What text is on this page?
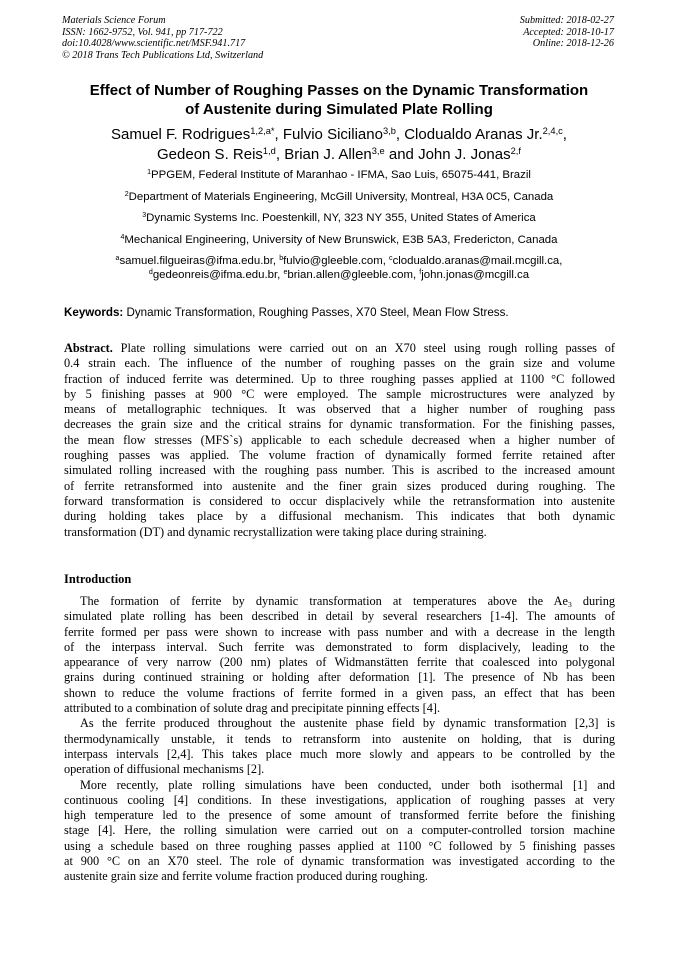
Materials Science Forum
ISSN: 1662-9752, Vol. 941, pp 717-722
doi:10.4028/www.scientific.net/MSF.941.717
© 2018 Trans Tech Publications Ltd, Switzerland
Submitted: 2018-02-27
Accepted: 2018-10-17
Online: 2018-12-26
Effect of Number of Roughing Passes on the Dynamic Transformation
of Austenite during Simulated Plate Rolling
Samuel F. Rodrigues$^{1,2,a*}$, Fulvio Siciliano$^{3,b}$, Clodualdo Aranas Jr.$^{2,4,c}$,
Gedeon S. Reis$^{1,d}$, Brian J. Allen$^{3,e}$ and John J. Jonas$^{2,f}$
$^1$PPGEM, Federal Institute of Maranhao - IFMA, Sao Luis, 65075-441, Brazil
$^2$Department of Materials Engineering, McGill University, Montreal, H3A 0C5, Canada
$^3$Dynamic Systems Inc. Poestenkill, NY, 323 NY 355, United States of America
$^4$Mechanical Engineering, University of New Brunswick, E3B 5A3, Fredericton, Canada
$^a$samuel.filgueiras@ifma.edu.br, $^b$fulvio@gleeble.com, $^c$clodualdo.aranas@mail.mcgill.ca,
$^d$gedeonreis@ifma.edu.br, $^e$brian.allen@gleeble.com, $^f$john.jonas@mcgill.ca
Keywords: Dynamic Transformation, Roughing Passes, X70 Steel, Mean Flow Stress.
Abstract. Plate rolling simulations were carried out on an X70 steel using rough rolling passes of
0.4 strain each. The influence of the number of roughing passes on the grain size and volume
fraction of induced ferrite was determined. Up to three roughing passes applied at 1100 °C followed
by 5 finishing passes at 900 °C were employed. The sample microstructures were analyzed by
means of metallographic techniques. It was observed that a higher number of roughing pass
decreases the grain size and the critical strains for dynamic transformation. For the finishing passes,
the mean flow stresses (MFS`s) applicable to each schedule decreased when a higher number of
roughing passes was applied. The volume fraction of dynamically formed ferrite retained after
simulated rolling increased with the roughing pass number. This is ascribed to the increased amount
of ferrite retransformed into austenite and the finer grain sizes produced during roughing. The
forward transformation is considered to occur displacively while the retransformation into austenite
during holding takes place by a diffusional mechanism. This indicates that both dynamic
transformation (DT) and dynamic recrystallization were taking place during straining.
Introduction
The formation of ferrite by dynamic transformation at temperatures above the $Ae_3$ during
simulated plate rolling has been described in detail by several researchers [1-4]. The amounts of
ferrite formed per pass were shown to increase with pass number and with a decrease in the length
of the interpass interval. Such ferrite was demonstrated to form displacively, leading to the
appearance of very narrow (200 nm) plates of Widmanstätten ferrite that coalesced into polygonal
grains during continued straining or holding after deformation [1]. The presence of Nb has been
shown to reduce the volume fractions of ferrite formed in a given pass, an effect that has been
attributed to a combination of solute drag and precipitate pinning effects [4].
As the ferrite produced throughout the austenite phase field by dynamic transformation [2,3] is
thermodynamically unstable, it tends to retransform into austenite on holding, that is during
interpass intervals [2,4]. This takes place much more slowly and appears to be controlled by the
operation of diffusional mechanisms [2].
More recently, plate rolling simulations have been conducted, under both isothermal [1] and
continuous cooling [4] conditions. In these investigations, application of roughing passes at very
high temperature led to the presence of some amount of transformed ferrite before the finishing
stage [4]. Here, the rolling simulation were carried out on a computer-controlled torsion machine
using a schedule based on three roughing passes applied at 1100 °C followed by 5 finishing passes
at 900 °C on an X70 steel. The role of dynamic transformation was investigated according to the
austenite grain size and ferrite volume fraction produced during roughing.
